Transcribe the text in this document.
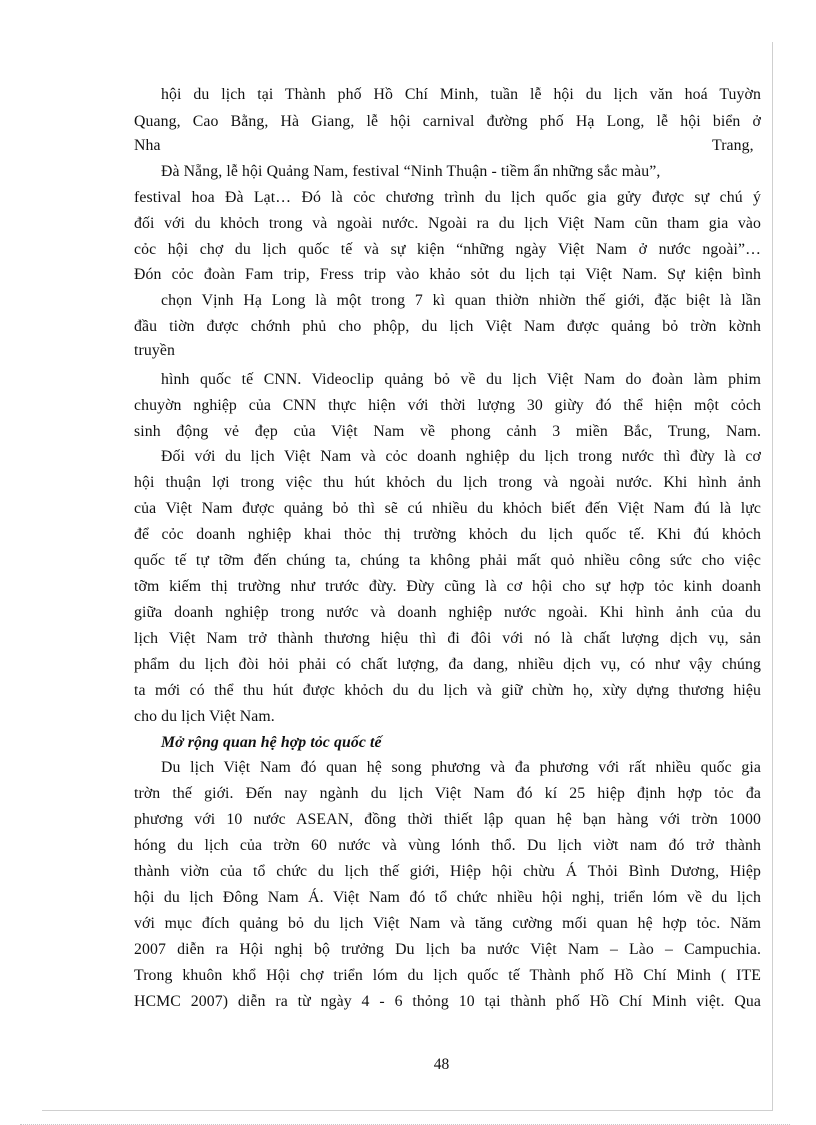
hội du lịch tại Thành phố Hồ Chí Minh, tuần lễ hội du lịch văn hoá Tuyờn
Quang, Cao Bằng, Hà Giang, lễ hội carnival đường phố Hạ Long, lễ hội biển ở
Nha	Trang,
Đà Nẵng, lễ hội Quảng Nam, festival “Ninh Thuận - tiềm ẩn những sắc màu”,
festival hoa Đà Lạt… Đó là cỏc chương trình du lịch quốc gia gửy được sự chú ý
đối với du khỏch trong và ngoài nước. Ngoài ra du lịch Việt Nam cũn tham gia vào
cỏc hội chợ du lịch quốc tế và sự kiện “những ngày Việt Nam ở nước ngoài”…
Đón cỏc đoàn Fam trip, Fress trip vào khảo sỏt du lịch tại Việt Nam. Sự kiện bình
chọn Vịnh Hạ Long là một trong 7 kì quan thiờn nhiờn thế giới, đặc biệt là lần
đầu tiờn được chớnh phủ cho phộp, du lịch Việt Nam được quảng bỏ trờn kờnh
truyền
hình quốc tế CNN. Videoclip quảng bỏ về du lịch Việt Nam do đoàn làm phim
chuyờn nghiệp của CNN thực hiện với thời lượng 30 giừy đó thể hiện một cỏch
sinh động vẻ đẹp của Việt Nam về phong cảnh 3 miền Bắc, Trung, Nam.
Đối với du lịch Việt Nam và cỏc doanh nghiệp du lịch trong nước thì đừy là cơ
hội thuận lợi trong việc thu hút khỏch du lịch trong và ngoài nước. Khi hình ảnh
của Việt Nam được quảng bỏ thì sẽ cú nhiều du khỏch biết đến Việt Nam đú là lực
để cỏc doanh nghiệp khai thỏc thị trường khỏch du lịch quốc tế. Khi đú khỏch
quốc tế tự tỡm đến chúng ta, chúng ta không phải mất quỏ nhiều công sức cho việc
tỡm kiếm thị trường như trước đừy. Đừy cũng là cơ hội cho sự hợp tỏc kinh doanh
giữa doanh nghiệp trong nước và doanh nghiệp nước ngoài. Khi hình ảnh của du
lịch Việt Nam trở thành thương hiệu thì đi đôi với nó là chất lượng dịch vụ, sản
phẩm du lịch đòi hỏi phải có chất lượng, đa dang, nhiều dịch vụ, có như vậy chúng
ta mới có thể thu hút được khỏch du du lịch và giữ chừn họ, xừy dựng thương hiệu
cho du lịch Việt Nam.
Mở rộng quan hệ hợp tỏc quốc tế
Du lịch Việt Nam đó quan hệ song phương và đa phương với rất nhiều quốc gia
trờn thế giới. Đến nay ngành du lịch Việt Nam đó kí 25 hiệp định hợp tỏc đa
phương với 10 nước ASEAN, đồng thời thiết lập quan hệ bạn hàng với trờn 1000
hóng du lịch của trờn 60 nước và vùng lónh thổ. Du lịch viờt nam đó trở thành
thành viờn của tổ chức du lịch thế giới, Hiệp hội chừu Á Thỏi Bình Dương, Hiệp
hội du lịch Đông Nam Á. Việt Nam đó tổ chức nhiều hội nghị, triển lóm về du lịch
với mục đích quảng bỏ du lịch Việt Nam và tăng cường mối quan hệ hợp tỏc. Năm
2007 diễn ra Hội nghị bộ trưởng Du lịch ba nước Việt Nam – Lào – Campuchia.
Trong khuôn khổ Hội chợ triển lóm du lịch quốc tế Thành phố Hồ Chí Minh ( ITE
HCMC 2007) diễn ra từ ngày 4 - 6 thỏng 10 tại thành phố Hồ Chí Minh việt. Qua
48
